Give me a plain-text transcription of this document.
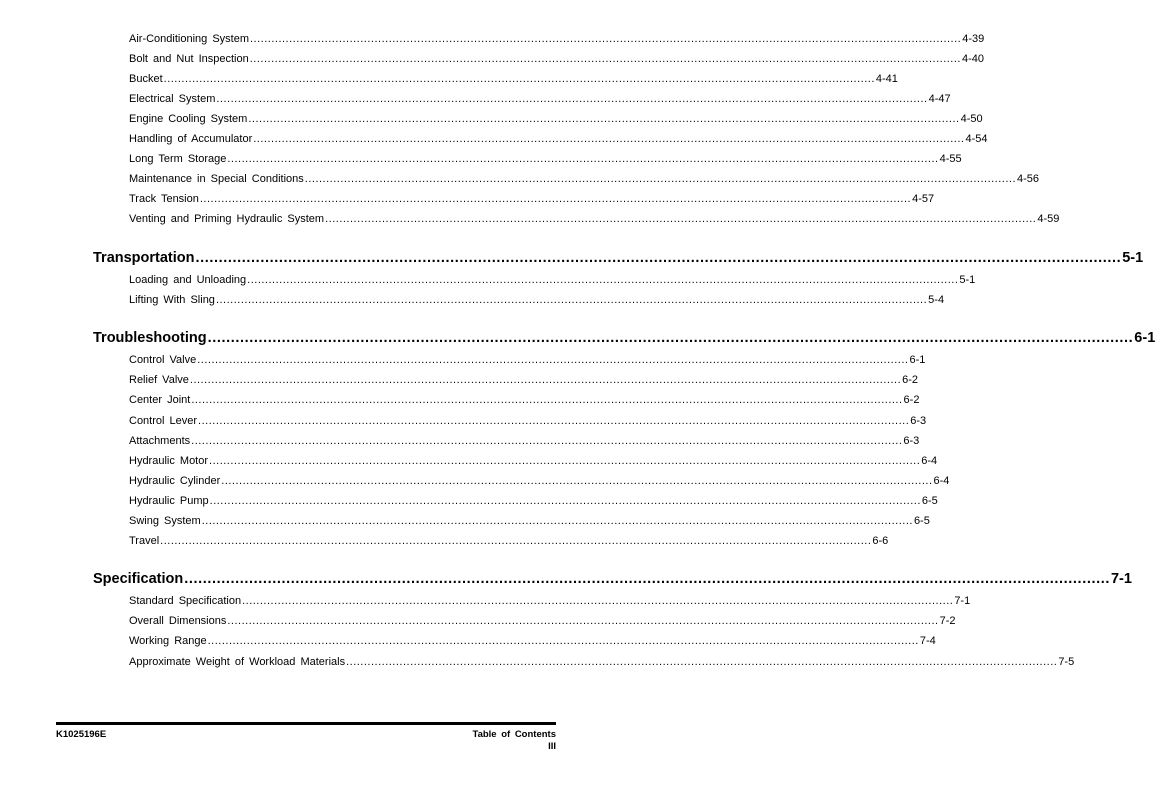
Air-Conditioning System ........................................................................................................................................................................................................ 4-39
Bolt and Nut Inspection ........................................................................................................................................................................................................ 4-40
Bucket ........................................................................................................................................................................................................ 4-41
Electrical System ........................................................................................................................................................................................................ 4-47
Engine Cooling System ........................................................................................................................................................................................................ 4-50
Handling of Accumulator ........................................................................................................................................................................................................ 4-54
Long Term Storage ........................................................................................................................................................................................................ 4-55
Maintenance in Special Conditions ........................................................................................................................................................................................................ 4-56
Track Tension ........................................................................................................................................................................................................ 4-57
Venting and Priming Hydraulic System ........................................................................................................................................................................................................ 4-59
Transportation ........................................................................................................................................................................................................ 5-1
Loading and Unloading ........................................................................................................................................................................................................ 5-1
Lifting With Sling ........................................................................................................................................................................................................ 5-4
Troubleshooting ........................................................................................................................................................................................................ 6-1
Control Valve ........................................................................................................................................................................................................ 6-1
Relief Valve ........................................................................................................................................................................................................ 6-2
Center Joint ........................................................................................................................................................................................................ 6-2
Control Lever ........................................................................................................................................................................................................ 6-3
Attachments ........................................................................................................................................................................................................ 6-3
Hydraulic Motor ........................................................................................................................................................................................................ 6-4
Hydraulic Cylinder ........................................................................................................................................................................................................ 6-4
Hydraulic Pump ........................................................................................................................................................................................................ 6-5
Swing System ........................................................................................................................................................................................................ 6-5
Travel ........................................................................................................................................................................................................ 6-6
Specification ........................................................................................................................................................................................................ 7-1
Standard Specification ........................................................................................................................................................................................................ 7-1
Overall Dimensions ........................................................................................................................................................................................................ 7-2
Working Range ........................................................................................................................................................................................................ 7-4
Approximate Weight of Workload Materials ........................................................................................................................................................................................................ 7-5
K1025196E	Table of Contents
III
